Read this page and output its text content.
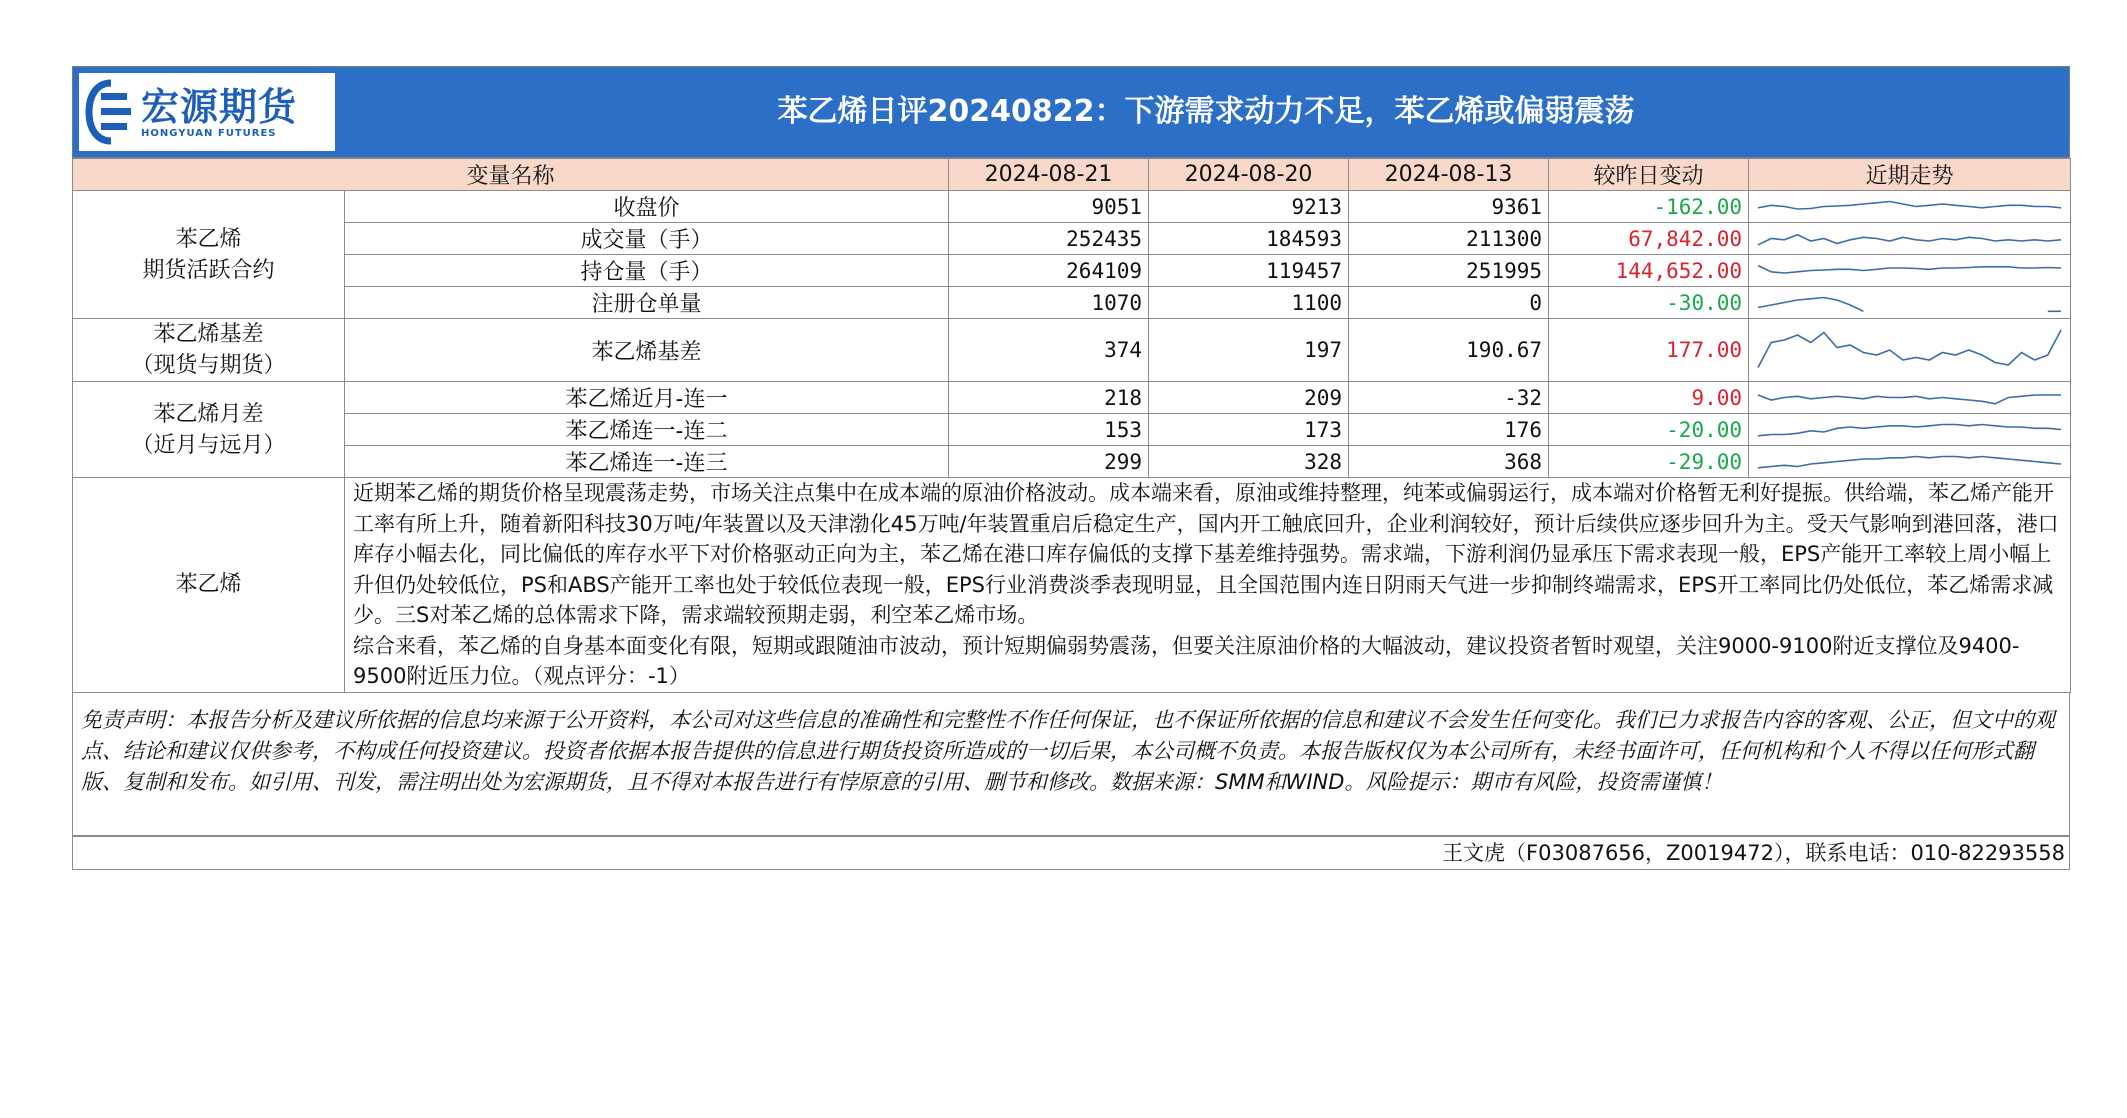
宏源期货
HONGYUAN FUTURES
苯乙烯日评20240822：下游需求动力不足，苯乙烯或偏弱震荡
变量名称		2024-08-21	2024-08-20	2024-08-13	较昨日变动	近期走势

苯乙烯
期货活跃合约	收盘价	9051	9213	9361	-162.00	

	成交量（手）	252435	184593	211300	67,842.00	

	持仓量（手）	264109	119457	251995	144,652.00	

	注册仓单量	1070	1100	0	-30.00	

苯乙烯基差
（现货与期货）	苯乙烯基差	374	197	190.67	177.00	

苯乙烯月差
（近月与远月）	苯乙烯近月-连一	218	209	-32	9.00	

	苯乙烯连一-连二	153	173	176	-20.00	

	苯乙烯连一-连三	299	328	368	-29.00	

苯乙烯	近期苯乙烯的期货价格呈现震荡走势，市场关注点集中在成本端的原油价格波动。成本端来看，原油或维持整理，纯苯或偏弱运行，成本端对价格暂无利好提振。供给端，苯乙烯产能开工率有所上升，随着新阳科技30万吨/年装置以及天津渤化45万吨/年装置重启后稳定生产，国内开工触底回升，企业利润较好，预计后续供应逐步回升为主。受天气影响到港回落，港口库存小幅去化，同比偏低的库存水平下对价格驱动正向为主，苯乙烯在港口库存偏低的支撑下基差维持强势。需求端，下游利润仍显承压下需求表现一般，EPS产能开工率较上周小幅上升但仍处较低位，PS和ABS产能开工率也处于较低位表现一般，EPS行业消费淡季表现明显，且全国范围内连日阴雨天气进一步抑制终端需求，EPS开工率同比仍处低位，苯乙烯需求减少。三S对苯乙烯的总体需求下降，需求端较预期走弱，利空苯乙烯市场。
综合来看，苯乙烯的自身基本面变化有限，短期或跟随油市波动，预计短期偏弱势震荡，但要关注原油价格的大幅波动，建议投资者暂时观望，关注9000-9100附近支撑位及9400-9500附近压力位。（观点评分：-1）					
免责声明：本报告分析及建议所依据的信息均来源于公开资料，本公司对这些信息的准确性和完整性不作任何保证，也不保证所依据的信息和建议不会发生任何变化。我们已力求报告内容的客观、公正，但文中的观点、结论和建议仅供参考，不构成任何投资建议。投资者依据本报告提供的信息进行期货投资所造成的一切后果，本公司概不负责。本报告版权仅为本公司所有，未经书面许可，任何机构和个人不得以任何形式翻版、复制和发布。如引用、刊发，需注明出处为宏源期货，且不得对本报告进行有悖原意的引用、删节和修改。数据来源：SMM和WIND。风险提示：期市有风险，投资需谨慎！
王文虎（F03087656，Z0019472），联系电话：010-82293558
